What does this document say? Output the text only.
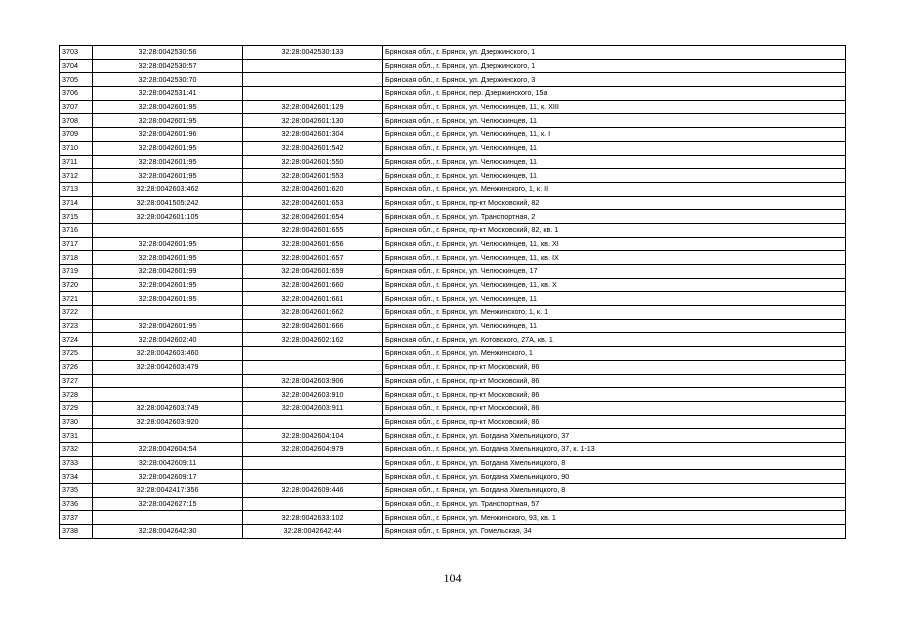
3703	32:28:0042530:56	32:28:0042530:133	Брянская обл., г. Брянск, ул. Дзержинского, 1
3704	32:28:0042530:57		Брянская обл., г. Брянск, ул. Дзержинского, 1
3705	32:28:0042530:70		Брянская обл., г. Брянск, ул. Дзержинского, 3
3706	32:28:0042531:41		Брянская обл., г. Брянск, пер. Дзержинского, 15а
3707	32:28:0042601:95	32:28:0042601:129	Брянская обл., г. Брянск, ул. Челюскинцев, 11, к. XIII
3708	32:28:0042601:95	32:28:0042601:130	Брянская обл., г. Брянск, ул. Челюскинцев, 11
3709	32:28:0042601:96	32:28:0042601:304	Брянская обл., г. Брянск, ул. Челюскинцев, 11, к. I
3710	32:28:0042601:95	32:28:0042601:542	Брянская обл., г. Брянск, ул. Челюскинцев, 11
3711	32:28:0042601:95	32:28:0042601:550	Брянская обл., г. Брянск, ул. Челюскинцев, 11
3712	32:28:0042601:95	32:28:0042601:553	Брянская обл., г. Брянск, ул. Челюскинцев, 11
3713	32:28:0042603:462	32:28:0042601:620	Брянская обл., г. Брянск, ул. Менжинского, 1, к. II
3714	32:28:0041505:242	32:28:0042601:653	Брянская обл., г. Брянск, пр-кт Московский, 82
3715	32:28:0042601:105	32:28:0042601:654	Брянская обл., г. Брянск, ул. Транспортная, 2
3716		32:28:0042601:655	Брянская обл., г. Брянск, пр-кт Московский, 82, кв. 1
3717	32:28:0042601:95	32:28:0042601:656	Брянская обл., г. Брянск, ул. Челюскинцев, 11, кв. XI
3718	32:28:0042601:95	32:28:0042601:657	Брянская обл., г. Брянск, ул. Челюскинцев, 11, кв. IX
3719	32:28:0042601:99	32:28:0042601:659	Брянская обл., г. Брянск, ул. Челюскинцев, 17
3720	32:28:0042601:95	32:28:0042601:660	Брянская обл., г. Брянск, ул. Челюскинцев, 11, кв. X
3721	32:28:0042601:95	32:28:0042601:661	Брянская обл., г. Брянск, ул. Челюскинцев, 11
3722		32:28:0042601:662	Брянская обл., г. Брянск, ул. Менжинского, 1, к. 1
3723	32:28:0042601:95	32:28:0042601:666	Брянская обл., г. Брянск, ул. Челюскинцев, 11
3724	32:28:0042602:40	32:28:0042602:162	Брянская обл., г. Брянск, ул. Котовского, 27А, кв. 1
3725	32:28:0042603:460		Брянская обл., г. Брянск, ул. Менжинского, 1
3726	32:28:0042603:479		Брянская обл., г. Брянск, пр-кт Московский, 86
3727		32:28:0042603:906	Брянская обл., г. Брянск, пр-кт Московский, 86
3728		32:28:0042603:910	Брянская обл., г. Брянск, пр-кт Московский, 86
3729	32:28:0042603:749	32:28:0042603:911	Брянская обл., г. Брянск, пр-кт Московский, 86
3730	32:28:0042603:920		Брянская обл., г. Брянск, пр-кт Московский, 86
3731		32:28:0042604:104	Брянская обл., г. Брянск, ул. Богдана Хмельницкого, 37
3732	32:28:0042604:54	32:28:0042604:979	Брянская обл., г. Брянск, ул. Богдана Хмельницкого, 37, к. 1-13
3733	32:28:0042609:11		Брянская обл., г. Брянск, ул. Богдана Хмельницкого, 8
3734	32:28:0042609:17		Брянская обл., г. Брянск, ул. Богдана Хмельницкого, 90
3735	32:28:0042417:356	32:28:0042609:446	Брянская обл., г. Брянск, ул. Богдана Хмельницкого, 8
3736	32:28:0042627:15		Брянская обл., г. Брянск, ул. Транспортная, 57
3737		32:28:0042633:102	Брянская обл., г. Брянск, ул. Менжинского, 93, кв. 1
3738	32:28:0042642:30	32:28:0042642:44	Брянская обл., г. Брянск, ул. Гомельская, 34
104
